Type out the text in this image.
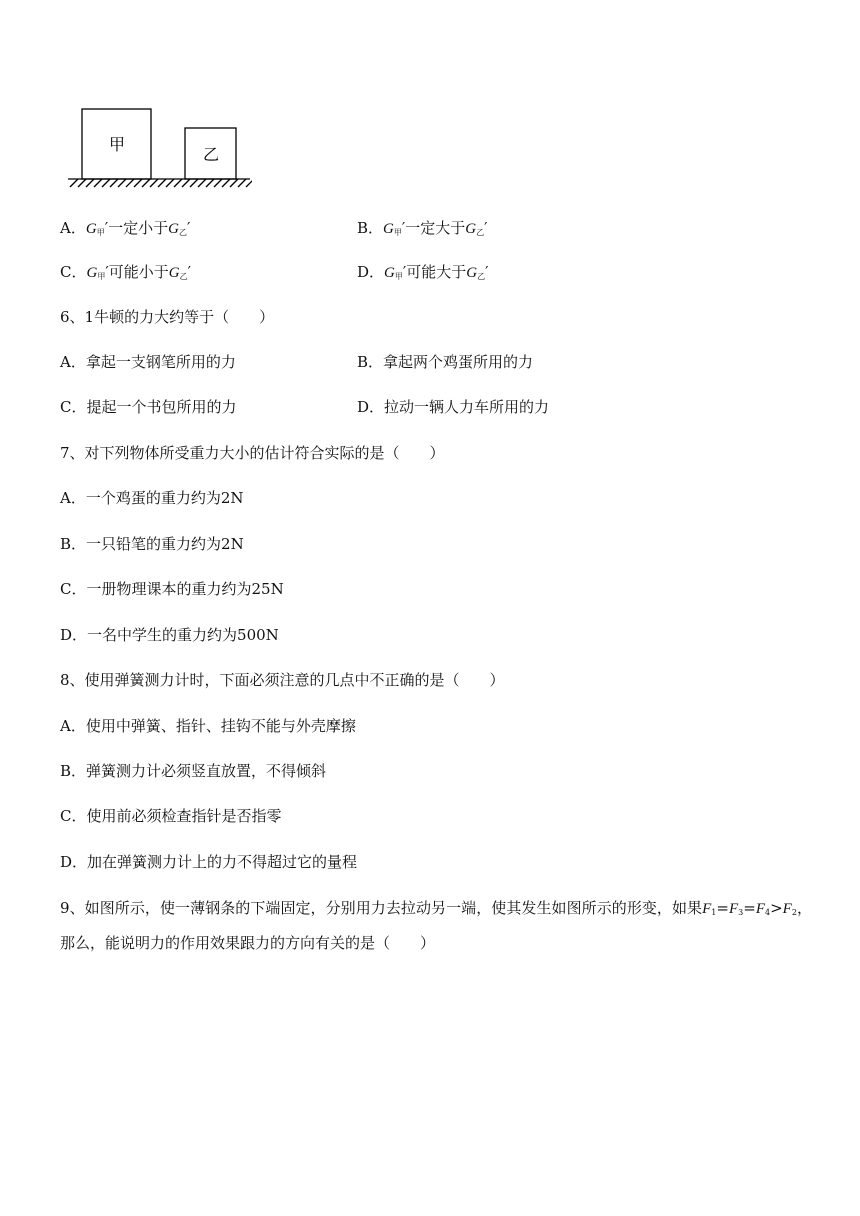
甲
乙
A．$G_甲'$一定小于$G_乙'$	B．$G_甲'$一定大于$G_乙'$
C．$G_甲'$可能小于$G_乙'$	D．$G_甲'$可能大于$G_乙'$
6、1牛顿的力大约等于（　　）
A．拿起一支钢笔所用的力	B．拿起两个鸡蛋所用的力
C．提起一个书包所用的力	D．拉动一辆人力车所用的力
7、对下列物体所受重力大小的估计符合实际的是（　　）
A．一个鸡蛋的重力约为2N
B．一只铅笔的重力约为2N
C．一册物理课本的重力约为25N
D．一名中学生的重力约为500N
8、使用弹簧测力计时，下面必须注意的几点中不正确的是（　　）
A．使用中弹簧、指针、挂钩不能与外壳摩擦
B．弹簧测力计必须竖直放置，不得倾斜
C．使用前必须检查指针是否指零
D．加在弹簧测力计上的力不得超过它的量程
9、如图所示，使一薄钢条的下端固定，分别用力去拉动另一端，使其发生如图所示的形变，如果$F_1=F_3=F_4>F_2$，那么，能说明力的作用效果跟力的方向有关的是（　　）
